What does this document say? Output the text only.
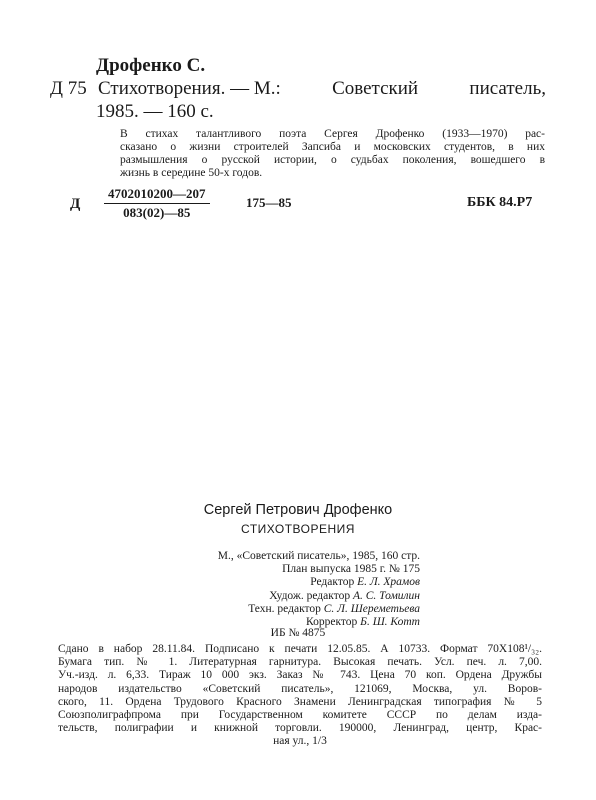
Дрофенко С.
Д 75 Стихотворения. — М.:	Советский	писатель,
1985. — 160 с.
В стихах талантливого поэта Сергея Дрофенко (1933—1970) рас-
сказано о жизни строителей Запсиба и московских студентов, в них
размышления о русской истории, о судьбах поколения, вошедшего в
жизнь в середине 50-х годов.
Д $\frac{4702010200—207}{083(02)—85}$	175—85	ББК 84.Р7
Сергей Петрович Дрофенко
СТИХОТВОРЕНИЯ
М., «Советский писатель», 1985, 160 стр.
План выпуска 1985 г. № 175
Редактор Е. Л. Храмов
Худож. редактор А. С. Томилин
Техн. редактор С. Л. Шереметьева
Корректор Б. Ш. Котт
ИБ № 4875
Сдано в набор 28.11.84. Подписано к печати 12.05.85. А 10733. Формат 70Х108¹/₃₂.
Бумага тип. № 1. Литературная гарнитура. Высокая печать. Усл. печ. л. 7,00.
Уч.-изд. л. 6,33. Тираж 10 000 экз. Заказ № 743. Цена 70 коп. Ордена Дружбы
народов издательство «Советский писатель», 121069, Москва, ул. Воров-
ского, 11. Ордена Трудового Красного Знамени Ленинградская типография № 5
Союзполиграфпрома при Государственном комитете СССР по делам изда-
тельств, полиграфии и книжной торговли. 190000, Ленинград, центр, Крас-
ная ул., 1/3
